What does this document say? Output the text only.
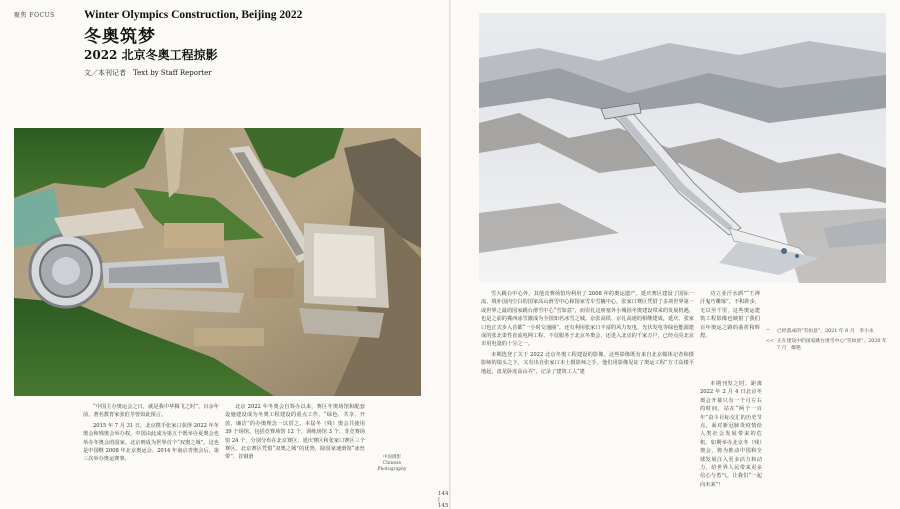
聚焦 FOCUS	Winter Olympics Construction, Beijing 2022
冬奥筑梦
2022 北京冬奥工程掠影
文／本刊记者　Text by Staff Reporter

“中国主办奥运会之日，就是我中华腾飞之时”，百余年前，著名教育家张伯苓曾如此预言。

2015 年 7 月 31 日，北京携手张家口获得 2022 年冬奥会和残奥会举办权。中国由此成为第五个既举办夏奥会也举办冬奥会的国家。北京则成为世界首个“双奥之城”。这也是中国继 2008 年北京奥运会、2014 年南京青奥会后，第三次举办奥运赛事。

北京 2022 年冬奥会自筹办以来，赛区冬奥场馆和配套设施建设成为冬奥工程建设的重点工作。“绿色、共享、开放、廉洁”的办奥理念一以贯之。本届冬（残）奥会共使用 39 个场馆，包括竞赛场馆 12 个、训练场馆 3 个、非竞赛场馆 24 个，分别分布在北京赛区、延庆赛区和张家口赛区三个赛区。北京赛区凭借“双奥之城”的优势，除国家速滑馆“冰丝带”、首钢滑	中国摄影
Chinese
Photography
144 | 145

雪大跳台中心外，其他竞赛场馆均利用了 2008 年的奥运遗产。延庆赛区建设了国际一流、填补国内空白的国家高山滑雪中心和国家雪车雪橇中心。张家口赛区凭借了多项世界第一或世界之最的国家跳台滑雪中心“雪如意”，而崇礼这座塞外小城因冬奥建设带来的发展机遇。也是之前的冀西冰雪激成为全国知名冰雪之城。京张高铁、京礼高速的相继建成，延庆、张家口也正式步入首都“一小时交通圈”。还有利用张家口丰富的风力发电、光伏发电等绿色能源建成的张北柔性直流电网工程，不仅服务于北京冬奥会，还进入北京的千家万户，已经点亮北京市用电量的十分之一。

本期选登了关于 2022 北京冬奥工程建设的影像。这些影像既有来自北京媒体记者和摄影师的镜头之下，又有出自张家口本土摄影师之手。他们用影像见证了奥运工程“方寸高楼平地起，盘龙卧虎高山弄”，记录了建筑工人“建

功立业汗水洒”“王禅汗鬼巧雕琢”，不积跬步，无以至千里，这些奥运建筑工程影像也映射了我们百年奥运之路的曲折和辉煌。

本期刊发之时，距离 2022 年 2 月 4 日北京冬奥会开幕只有一个月左右的时间，站在“两个一百年”奋斗目标交汇的历史节点，面对新冠肺炎疫情给人类社会发展带来的危机，如期举办北京冬（残）奥会，将为推动中国和全球发展注入更多活力和动力，给世界人民带来更多信心与勇气，让我们“一起向未来”！

^	已经落成的“雪如意”，2021 年 8 月　李小永
<< 正在建设中的国家跳台滑雪中心“雪如意”，2020 年 7 月　鄭艳
